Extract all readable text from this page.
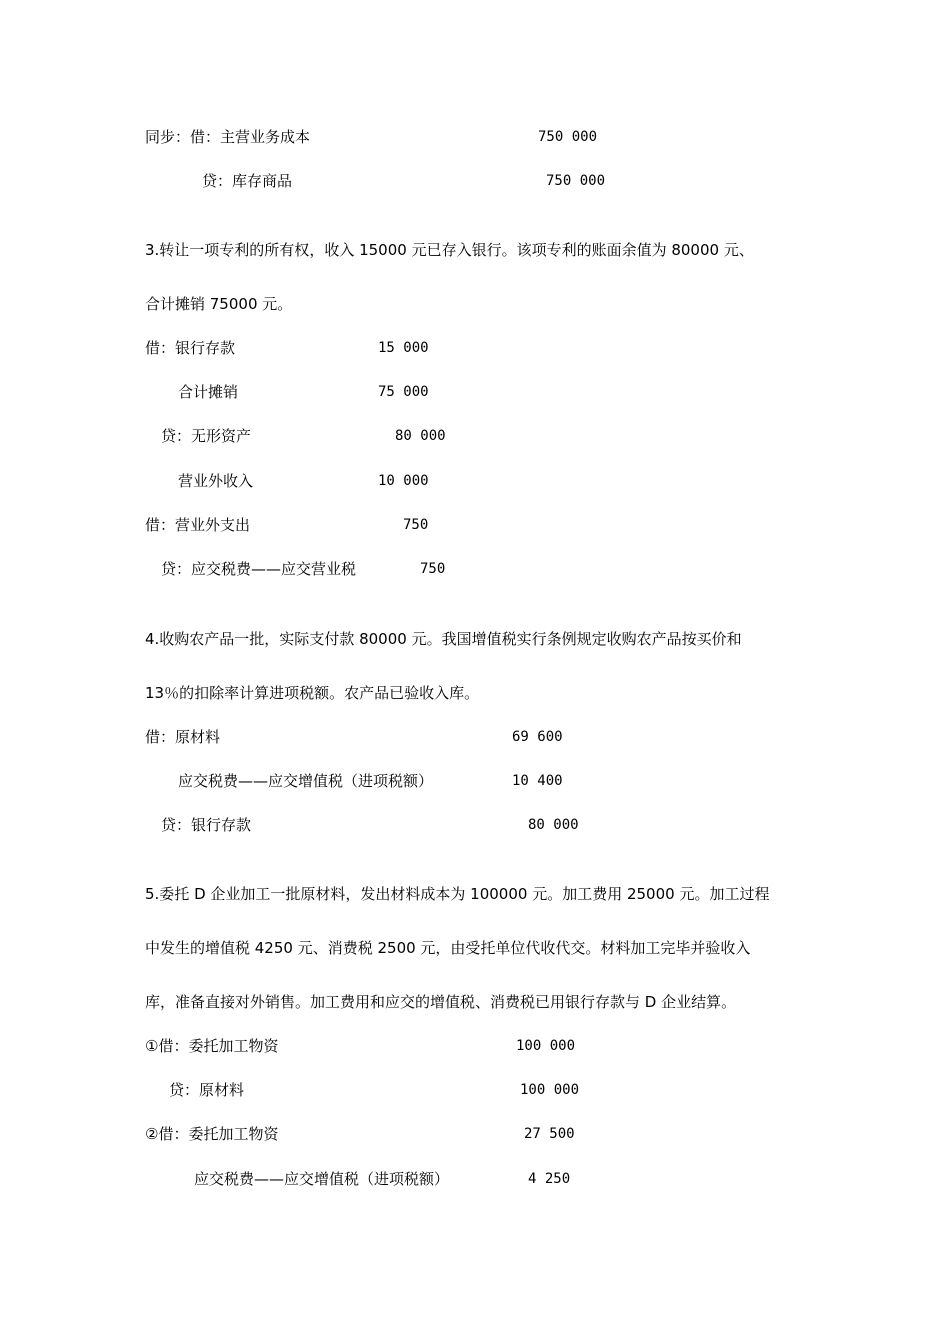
同步：借：主营业务成本	750 000
贷：库存商品	750 000
3.转让一项专利的所有权，收入 15000 元已存入银行。该项专利的账面余值为 80000 元、
合计摊销 75000 元。
借：银行存款	15 000
合计摊销	75 000
贷：无形资产	80 000
营业外收入	10 000
借：营业外支出	750
贷：应交税费——应交营业税	750
4.收购农产品一批，实际支付款 80000 元。我国增值税实行条例规定收购农产品按买价和
13％的扣除率计算进项税额。农产品已验收入库。
借：原材料	69 600
应交税费——应交增值税（进项税额）	10 400
贷：银行存款	80 000
5.委托 D 企业加工一批原材料，发出材料成本为 100000 元。加工费用 25000 元。加工过程
中发生的增值税 4250 元、消费税 2500 元，由受托单位代收代交。材料加工完毕并验收入
库，准备直接对外销售。加工费用和应交的增值税、消费税已用银行存款与 D 企业结算。
①借：委托加工物资	100 000
贷：原材料	100 000
②借：委托加工物资	27 500
应交税费——应交增值税（进项税额）	4 250
